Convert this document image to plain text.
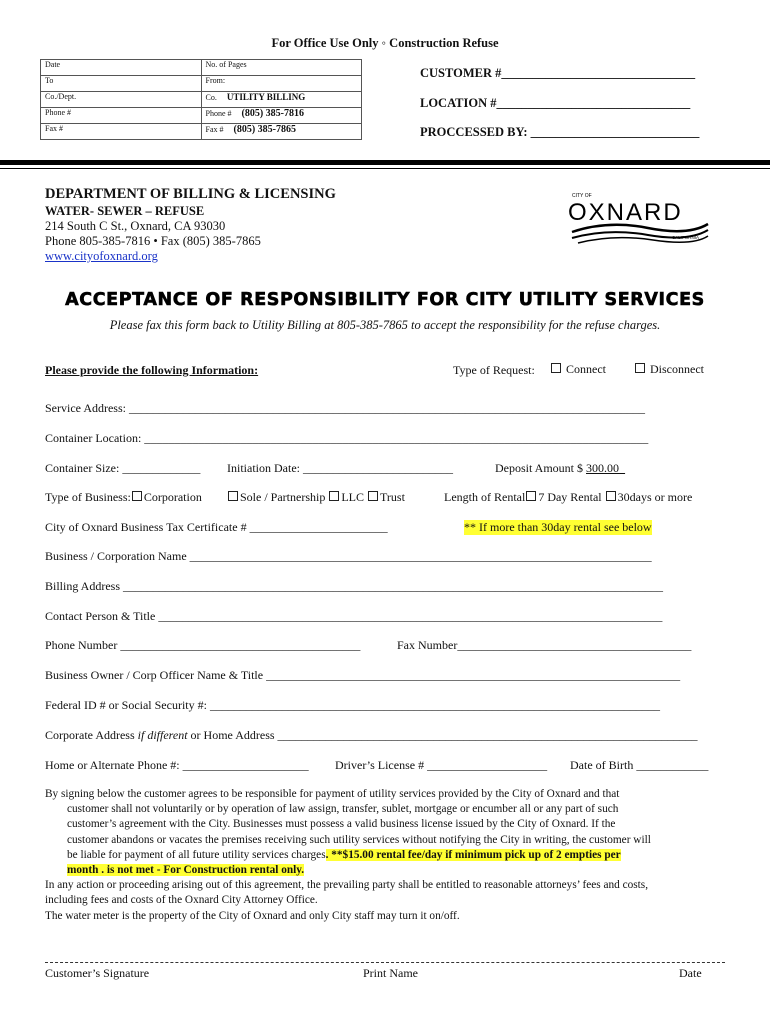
For Office Use Only ◦ Construction Refuse
Date	No. of Pages
To	From:
Co./Dept.	Co. UTILITY BILLING
Phone #	Phone # (805) 385-7816
Fax #	Fax # (805) 385-7865
CUSTOMER #_______________________________
LOCATION #_______________________________
PROCCESSED BY: ___________________________
DEPARTMENT OF BILLING & LICENSING
WATER- SEWER – REFUSE
214 South C St., Oxnard, CA 93030
Phone 805-385-7816 • Fax (805) 385-7865
www.cityofoxnard.org
CITY OF
OXNARD
CALIFORNIA
ACCEPTANCE OF RESPONSIBILITY FOR CITY UTILITY SERVICES
Please fax this form back to Utility Billing at 805-385-7865 to accept the responsibility for the refuse charges.
Please provide the following Information:	Type of Request:	Connect	Disconnect
Service Address: ______________________________________________________________________________________
Container Location: ____________________________________________________________________________________
Container Size: _____________ Initiation Date: _________________________	Deposit Amount $ 300.00_
Type of Business: Corporation	Sole / Partnership LLC Trust	Length of Rental 7 Day Rental 30days or more
City of Oxnard Business Tax Certificate # _______________________	** If more than 30day rental see below
Business / Corporation Name _____________________________________________________________________________
Billing Address __________________________________________________________________________________________
Contact Person & Title ____________________________________________________________________________________
Phone Number ________________________________________	Fax Number_______________________________________
Business Owner / Corp Officer Name & Title _____________________________________________________________________
Federal ID # or Social Security #: ___________________________________________________________________________
Corporate Address if different or Home Address ______________________________________________________________________
Home or Alternate Phone #: _____________________ Driver’s License # ____________________ Date of Birth ____________
By signing below the customer agrees to be responsible for payment of utility services provided by the City of Oxnard and that
customer shall not voluntarily or by operation of law assign, transfer, sublet, mortgage or encumber all or any part of such
customer’s agreement with the City. Businesses must possess a valid business license issued by the City of Oxnard. If the
customer abandons or vacates the premises receiving such utility services without notifying the City in writing, the customer will
be liable for payment of all future utility services charges. **$15.00 rental fee/day if minimum pick up of 2 empties per
month . is not met - For Construction rental only.
In any action or proceeding arising out of this agreement, the prevailing party shall be entitled to reasonable attorneys’ fees and costs,
including fees and costs of the Oxnard City Attorney Office.
The water meter is the property of the City of Oxnard and only City staff may turn it on/off.
Customer’s Signature	Print Name	Date
